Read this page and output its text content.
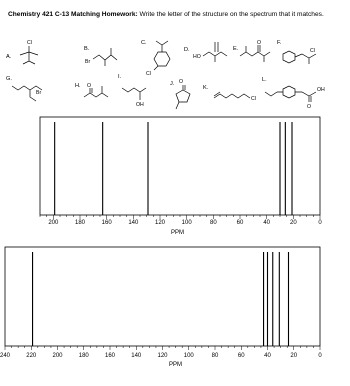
Chemistry 421 C-13 Matching Homework: Write the letter of the structure on the spectrum that it matches.
A.
Cl
B.
Br
C.
Cl
D.
HO
E.
O	F.
Cl
G.
Br
H. O
I.
OH
J. O
K.
Cl
L.
OH
O
200	180	160	140	120	100	80	60	40	20	0
PPM
240	220	200	180	160	140	120	100	80	60	40	20	0
PPM
